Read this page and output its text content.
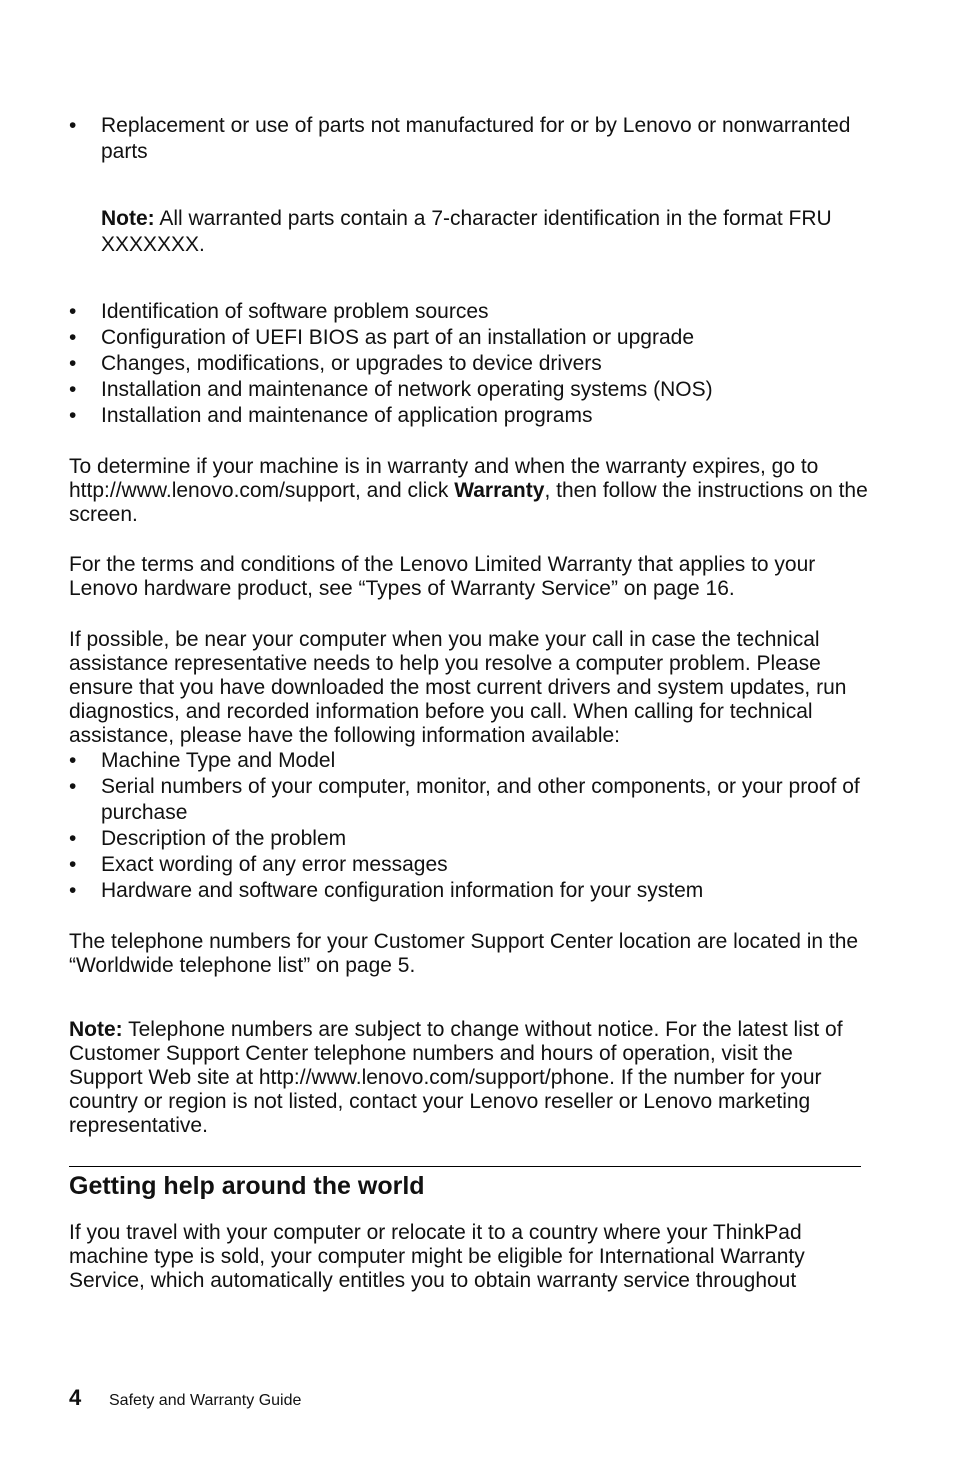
• Replacement or use of parts not manufactured for or by Lenovo or nonwarranted parts

Note: All warranted parts contain a 7-character identification in the format FRU XXXXXXX.

• Identification of software problem sources
• Configuration of UEFI BIOS as part of an installation or upgrade
• Changes, modifications, or upgrades to device drivers
• Installation and maintenance of network operating systems (NOS)
• Installation and maintenance of application programs

To determine if your machine is in warranty and when the warranty expires, go to http://www.lenovo.com/support, and click Warranty, then follow the instructions on the screen.

For the terms and conditions of the Lenovo Limited Warranty that applies to your Lenovo hardware product, see “Types of Warranty Service” on page 16.

If possible, be near your computer when you make your call in case the technical assistance representative needs to help you resolve a computer problem. Please ensure that you have downloaded the most current drivers and system updates, run diagnostics, and recorded information before you call. When calling for technical assistance, please have the following information available:

• Machine Type and Model
• Serial numbers of your computer, monitor, and other components, or your proof of purchase
• Description of the problem
• Exact wording of any error messages
• Hardware and software configuration information for your system

The telephone numbers for your Customer Support Center location are located in the “Worldwide telephone list” on page 5.

Note: Telephone numbers are subject to change without notice. For the latest list of Customer Support Center telephone numbers and hours of operation, visit the Support Web site at http://www.lenovo.com/support/phone. If the number for your country or region is not listed, contact your Lenovo reseller or Lenovo marketing representative.

Getting help around the world

If you travel with your computer or relocate it to a country where your ThinkPad machine type is sold, your computer might be eligible for International Warranty Service, which automatically entitles you to obtain warranty service throughout

4 Safety and Warranty Guide
